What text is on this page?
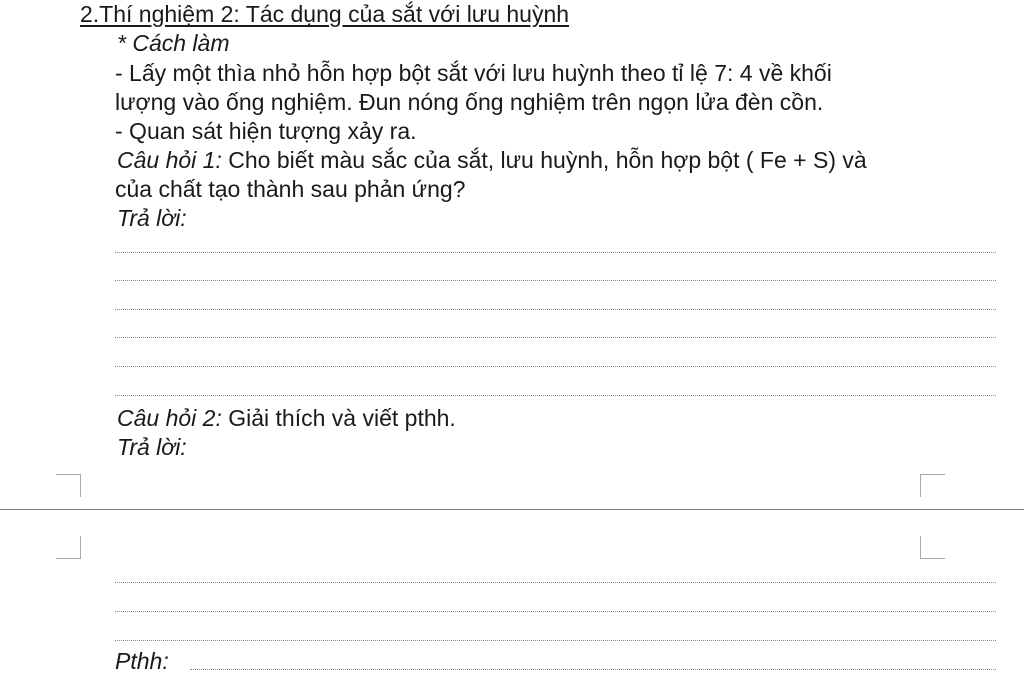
2.Thí nghiệm 2: Tác dụng của sắt với lưu huỳnh
* Cách làm
- Lấy một thìa nhỏ hỗn hợp bột sắt với lưu huỳnh theo tỉ lệ 7: 4 về khối
lượng vào ống nghiệm. Đun nóng ống nghiệm trên ngọn lửa đèn cồn.
- Quan sát hiện tượng xảy ra.
Câu hỏi 1: Cho biết màu sắc của sắt, lưu huỳnh, hỗn hợp bột ( Fe + S) và
của chất tạo thành sau phản ứng?
Trả lời:
Câu hỏi 2: Giải thích và viết pthh.
Trả lời:
Pthh:
